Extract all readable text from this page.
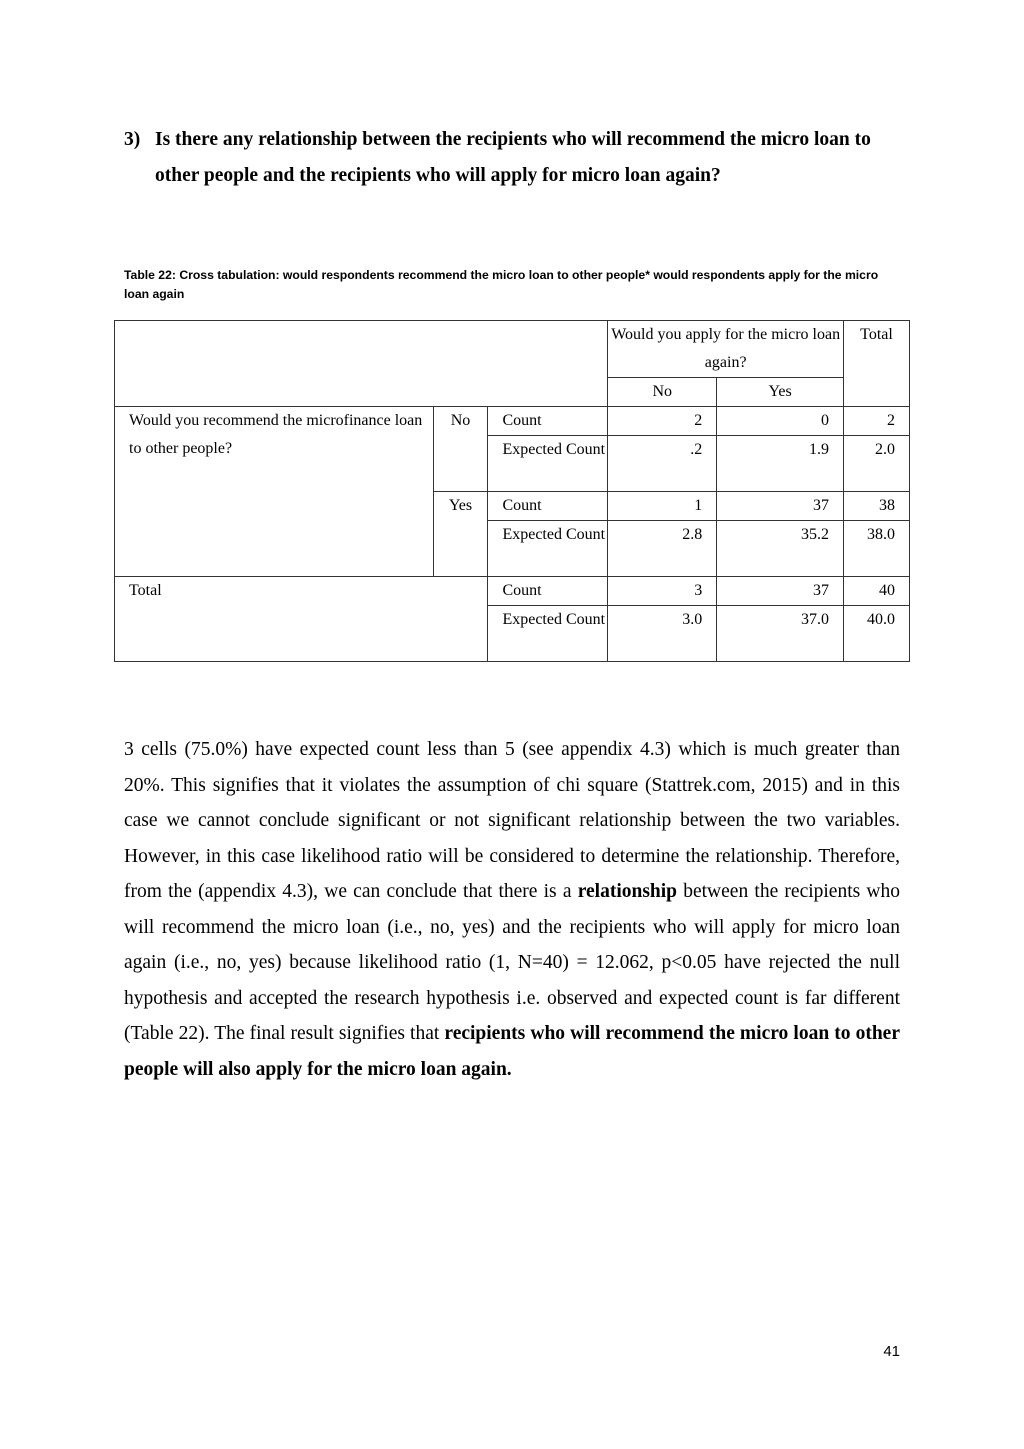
3) Is there any relationship between the recipients who will recommend the micro loan to other people and the recipients who will apply for micro loan again?
Table 22: Cross tabulation: would respondents recommend the micro loan to other people* would respondents apply for the micro loan again
			Would you apply for the micro loan again?		Total
			No	Yes	
Would you recommend the microfinance loan to other people?	No	Count	2	0	2
		Expected Count	.2	1.9	2.0
	Yes	Count	1	37	38
		Expected Count	2.8	35.2	38.0
Total		Count	3	37	40
		Expected Count	3.0	37.0	40.0

3 cells (75.0%) have expected count less than 5 (see appendix 4.3) which is much greater than 20%. This signifies that it violates the assumption of chi square (Stattrek.com, 2015) and in this case we cannot conclude significant or not significant relationship between the two variables. However, in this case likelihood ratio will be considered to determine the relationship. Therefore, from the (appendix 4.3), we can conclude that there is a relationship between the recipients who will recommend the micro loan (i.e., no, yes) and the recipients who will apply for micro loan again (i.e., no, yes) because likelihood ratio (1, N=40) = 12.062, p<0.05 have rejected the null hypothesis and accepted the research hypothesis i.e. observed and expected count is far different (Table 22). The final result signifies that recipients who will recommend the micro loan to other people will also apply for the micro loan again.

41
